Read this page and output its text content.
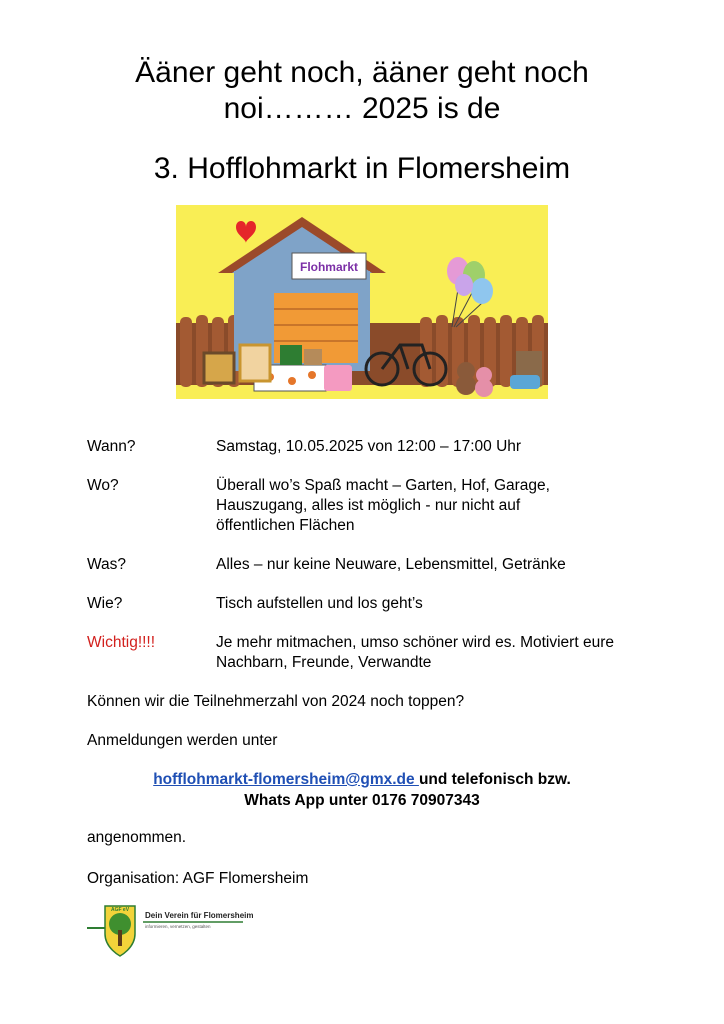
Ääner geht noch, ääner geht noch
noi……… 2025 is de
3. Hofflohmarkt in Flomersheim
Flohmarkt
Wann?	Samstag, 10.05.2025 von 12:00 – 17:00 Uhr
Wo?	Überall wo’s Spaß macht – Garten, Hof, Garage, Hauszugang, alles ist möglich - nur nicht auf öffentlichen Flächen
Was?	Alles – nur keine Neuware, Lebensmittel, Getränke
Wie?	Tisch aufstellen und los geht’s
Wichtig!!!!	Je mehr mitmachen, umso schöner wird es. Motiviert eure Nachbarn, Freunde, Verwandte
Können wir die Teilnehmerzahl von 2024 noch toppen?
Anmeldungen werden unter
hofflohmarkt-flomersheim@gmx.de und telefonisch bzw.
Whats App unter 0176 70907343
angenommen.
Organisation: AGF Flomersheim
AGF eV
Dein Verein für Flomersheim
informieren, vernetzen, gestalten
